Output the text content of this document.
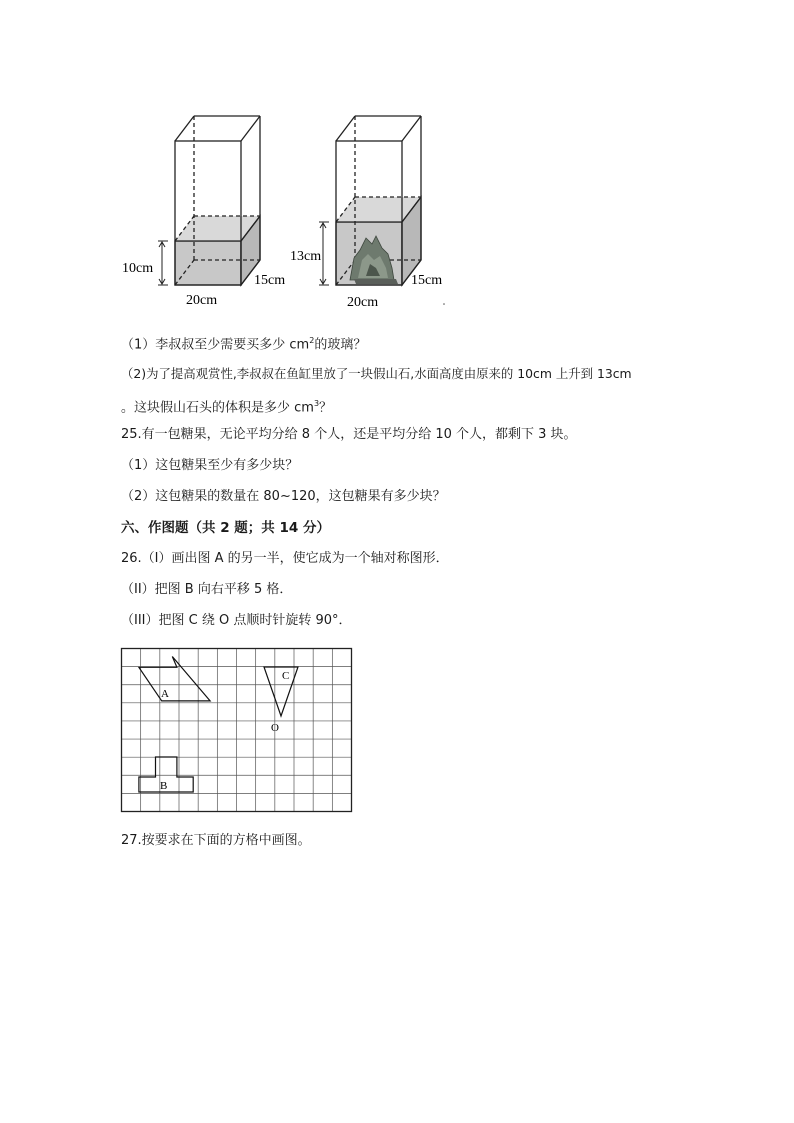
10cm
20cm
15cm
13cm
20cm
15cm
（1）李叔叔至少需要买多少 $cm^2$的玻璃？
（2)为了提高观赏性,李叔叔在鱼缸里放了一块假山石,水面高度由原来的 10cm 上升到 13cm
。这块假山石头的体积是多少 $cm^3$？
25.有一包糖果，无论平均分给 8 个人，还是平均分给 10 个人，都剩下 3 块。
（1）这包糖果至少有多少块？
（2）这包糖果的数量在 80~120，这包糖果有多少块？
六、作图题（共 2 题；共 14 分）
26.（I）画出图 A 的另一半，使它成为一个轴对称图形．
（II）把图 B 向右平移 5 格．
（III）把图 C 绕 O 点顺时针旋转 90°．
A
C
O
B
27.按要求在下面的方格中画图。
